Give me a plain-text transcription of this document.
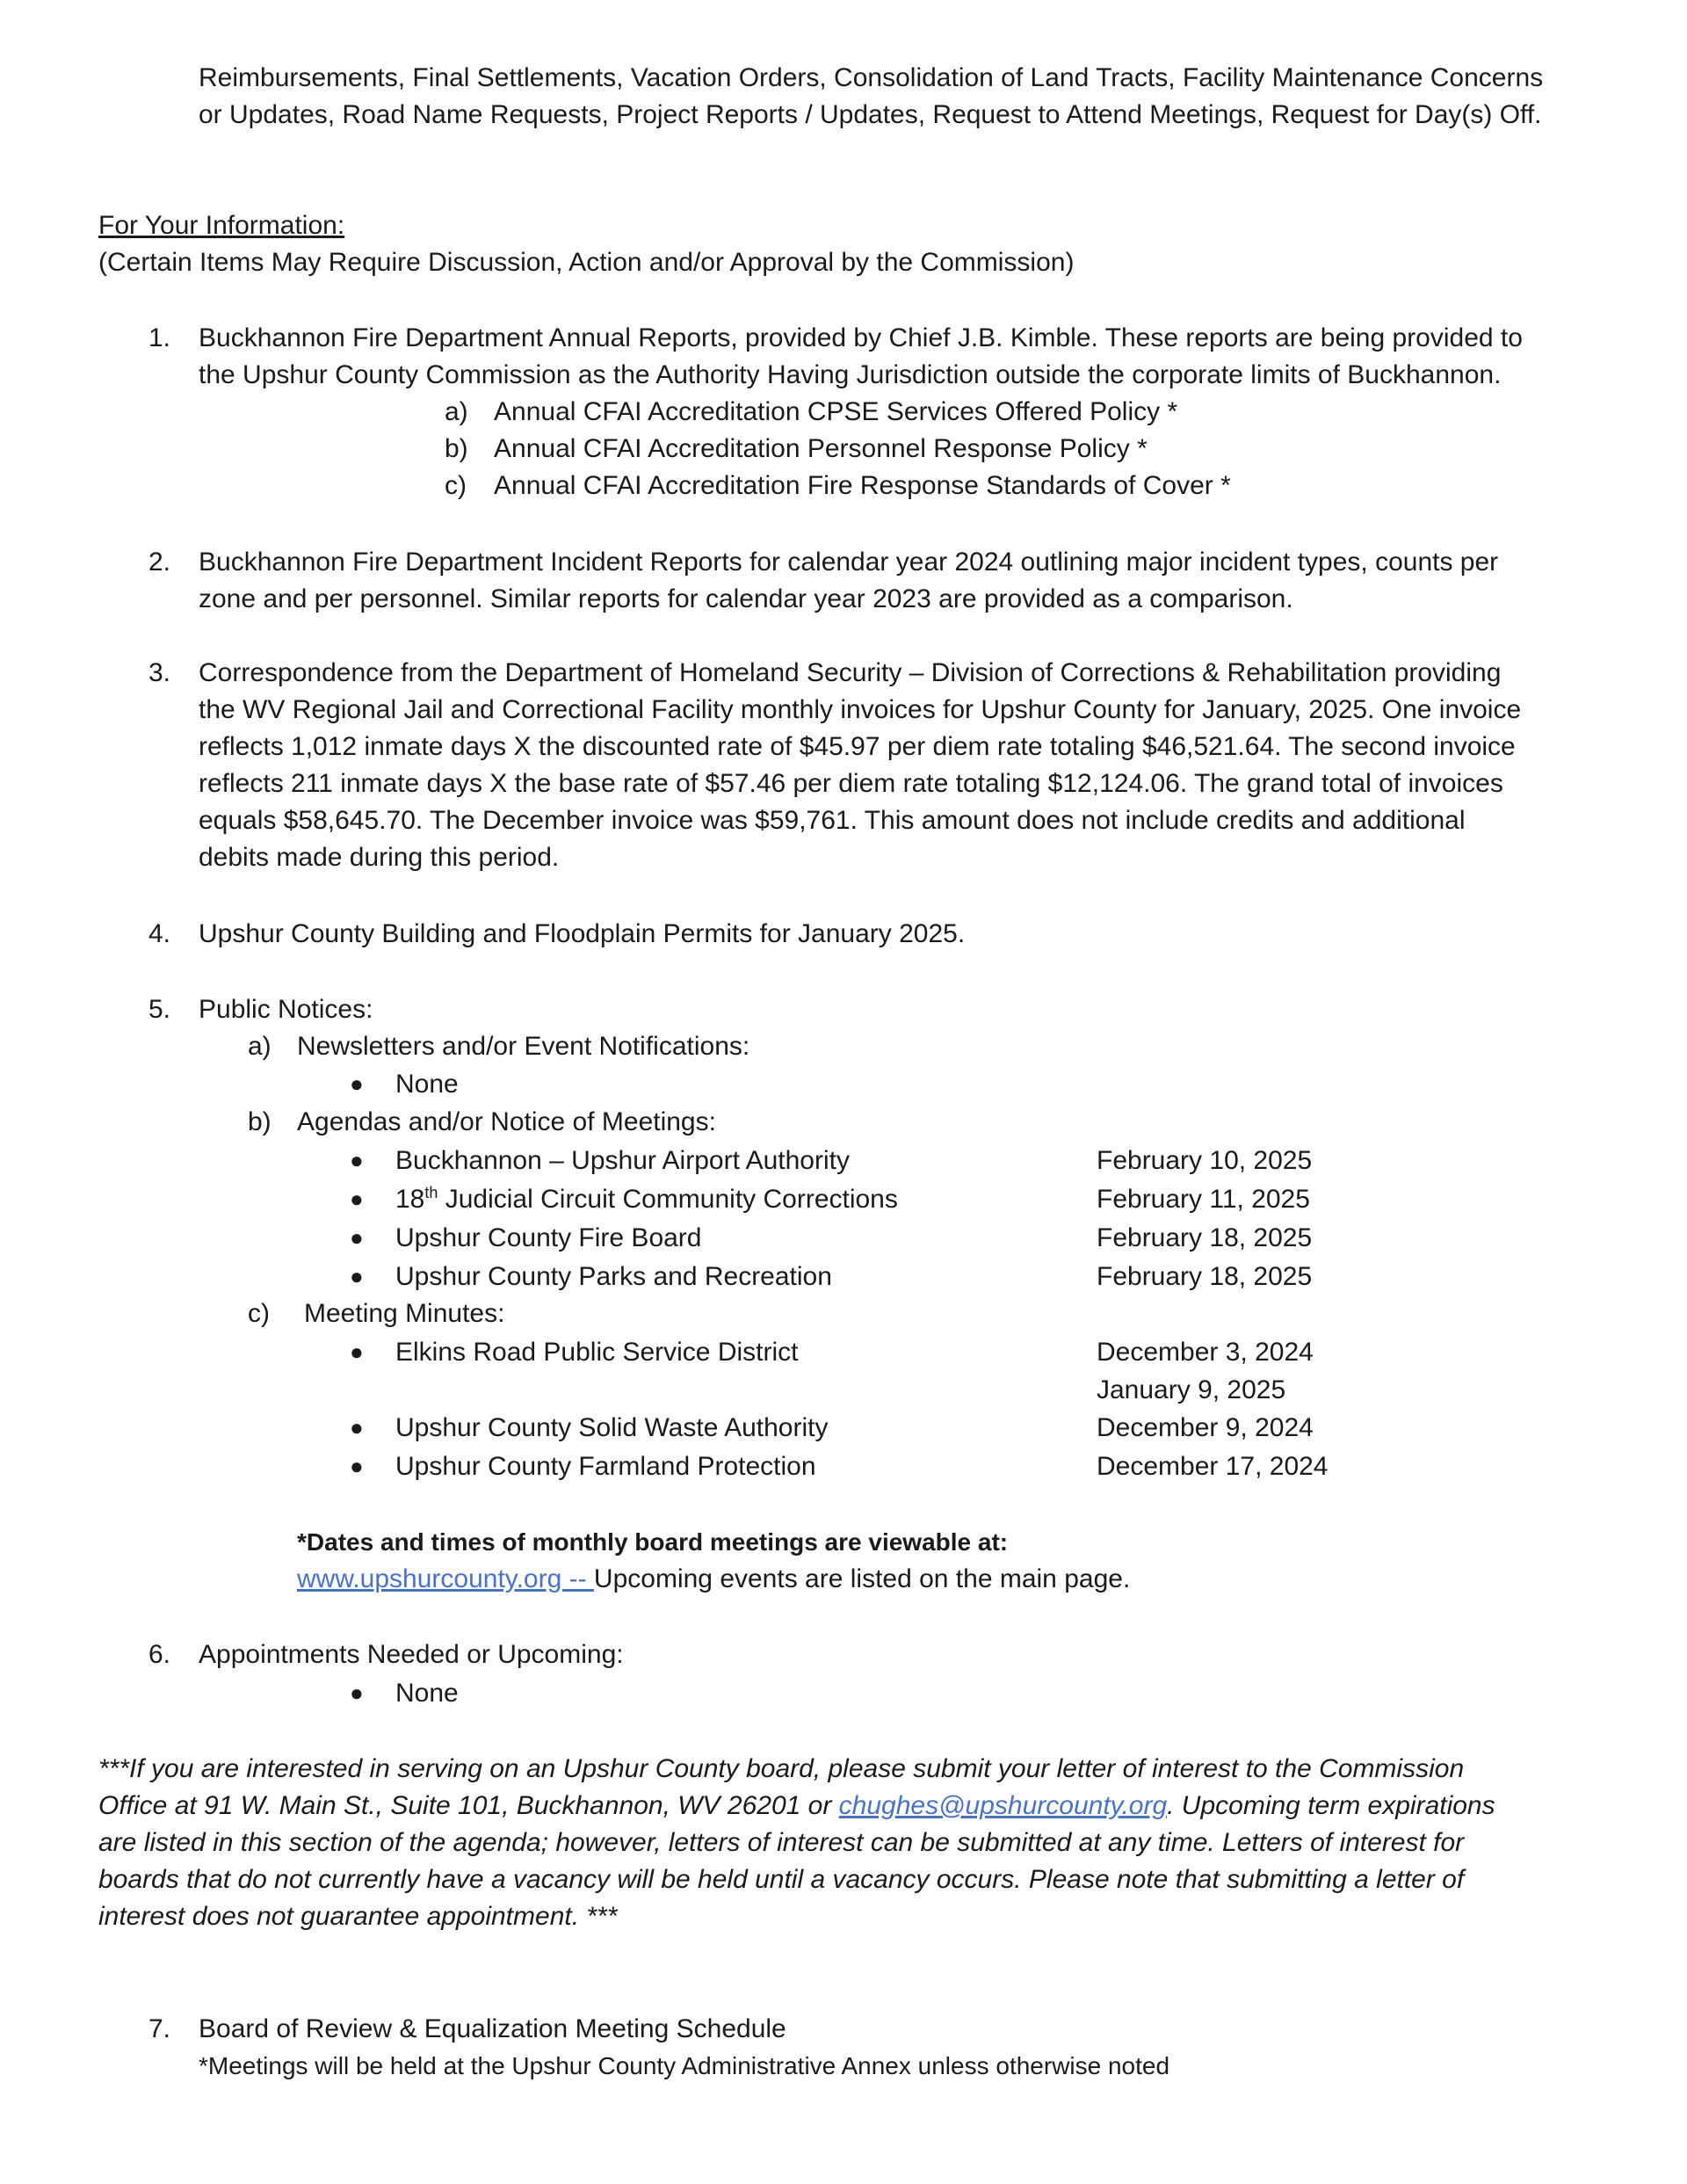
Reimbursements, Final Settlements, Vacation Orders, Consolidation of Land Tracts, Facility Maintenance Concerns
or Updates, Road Name Requests, Project Reports / Updates, Request to Attend Meetings, Request for Day(s) Off.
For Your Information:
(Certain Items May Require Discussion, Action and/or Approval by the Commission)
1. Buckhannon Fire Department Annual Reports, provided by Chief J.B. Kimble. These reports are being provided to
the Upshur County Commission as the Authority Having Jurisdiction outside the corporate limits of Buckhannon.
a) Annual CFAI Accreditation CPSE Services Offered Policy *
b) Annual CFAI Accreditation Personnel Response Policy *
c) Annual CFAI Accreditation Fire Response Standards of Cover *
2. Buckhannon Fire Department Incident Reports for calendar year 2024 outlining major incident types, counts per
zone and per personnel. Similar reports for calendar year 2023 are provided as a comparison.
3. Correspondence from the Department of Homeland Security – Division of Corrections & Rehabilitation providing
the WV Regional Jail and Correctional Facility monthly invoices for Upshur County for January, 2025. One invoice
reflects 1,012 inmate days X the discounted rate of $45.97 per diem rate totaling $46,521.64. The second invoice
reflects 211 inmate days X the base rate of $57.46 per diem rate totaling $12,124.06. The grand total of invoices
equals $58,645.70. The December invoice was $59,761. This amount does not include credits and additional
debits made during this period.
4. Upshur County Building and Floodplain Permits for January 2025.
5. Public Notices:
a) Newsletters and/or Event Notifications:
● None
b) Agendas and/or Notice of Meetings:
● Buckhannon – Upshur Airport Authority	February 10, 2025
● 18th Judicial Circuit Community Corrections	February 11, 2025
● Upshur County Fire Board	February 18, 2025
● Upshur County Parks and Recreation	February 18, 2025
c) Meeting Minutes:
● Elkins Road Public Service District	December 3, 2024
January 9, 2025
● Upshur County Solid Waste Authority	December 9, 2024
● Upshur County Farmland Protection	December 17, 2024
*Dates and times of monthly board meetings are viewable at:
www.upshurcounty.org -- Upcoming events are listed on the main page.
6. Appointments Needed or Upcoming:
● None
***If you are interested in serving on an Upshur County board, please submit your letter of interest to the Commission
Office at 91 W. Main St., Suite 101, Buckhannon, WV 26201 or chughes@upshurcounty.org. Upcoming term expirations
are listed in this section of the agenda; however, letters of interest can be submitted at any time. Letters of interest for
boards that do not currently have a vacancy will be held until a vacancy occurs. Please note that submitting a letter of
interest does not guarantee appointment. ***
7. Board of Review & Equalization Meeting Schedule
*Meetings will be held at the Upshur County Administrative Annex unless otherwise noted
